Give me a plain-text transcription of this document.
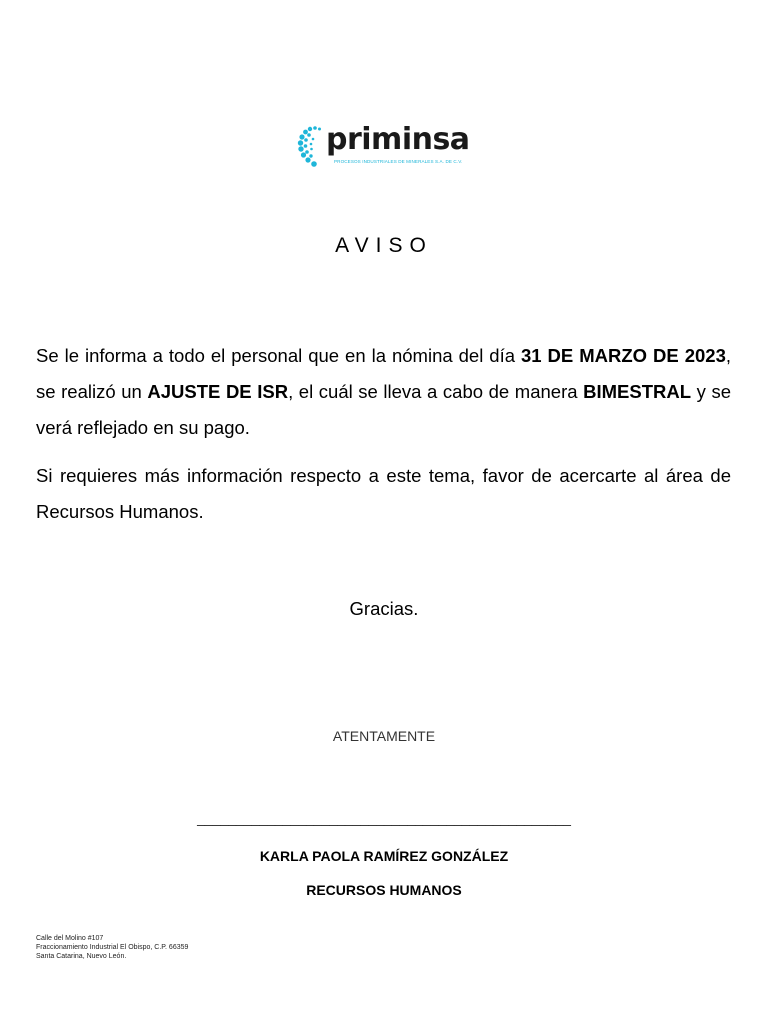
priminsa
PROCESOS INDUSTRIALES DE MINERALES S.A. DE C.V.
AVISO

Se le informa a todo el personal que en la nómina del día 31 DE MARZO DE 2023, se realizó un AJUSTE DE ISR, el cuál se lleva a cabo de manera BIMESTRAL y se verá reflejado en su pago.

Si requieres más información respecto a este tema, favor de acercarte al área de Recursos Humanos.

Gracias.
ATENTAMENTE
________________________________________________
KARLA PAOLA RAMÍREZ GONZÁLEZ
RECURSOS HUMANOS
Calle del Molino #107
Fraccionamiento Industrial El Obispo, C.P. 66359
Santa Catarina, Nuevo León.
